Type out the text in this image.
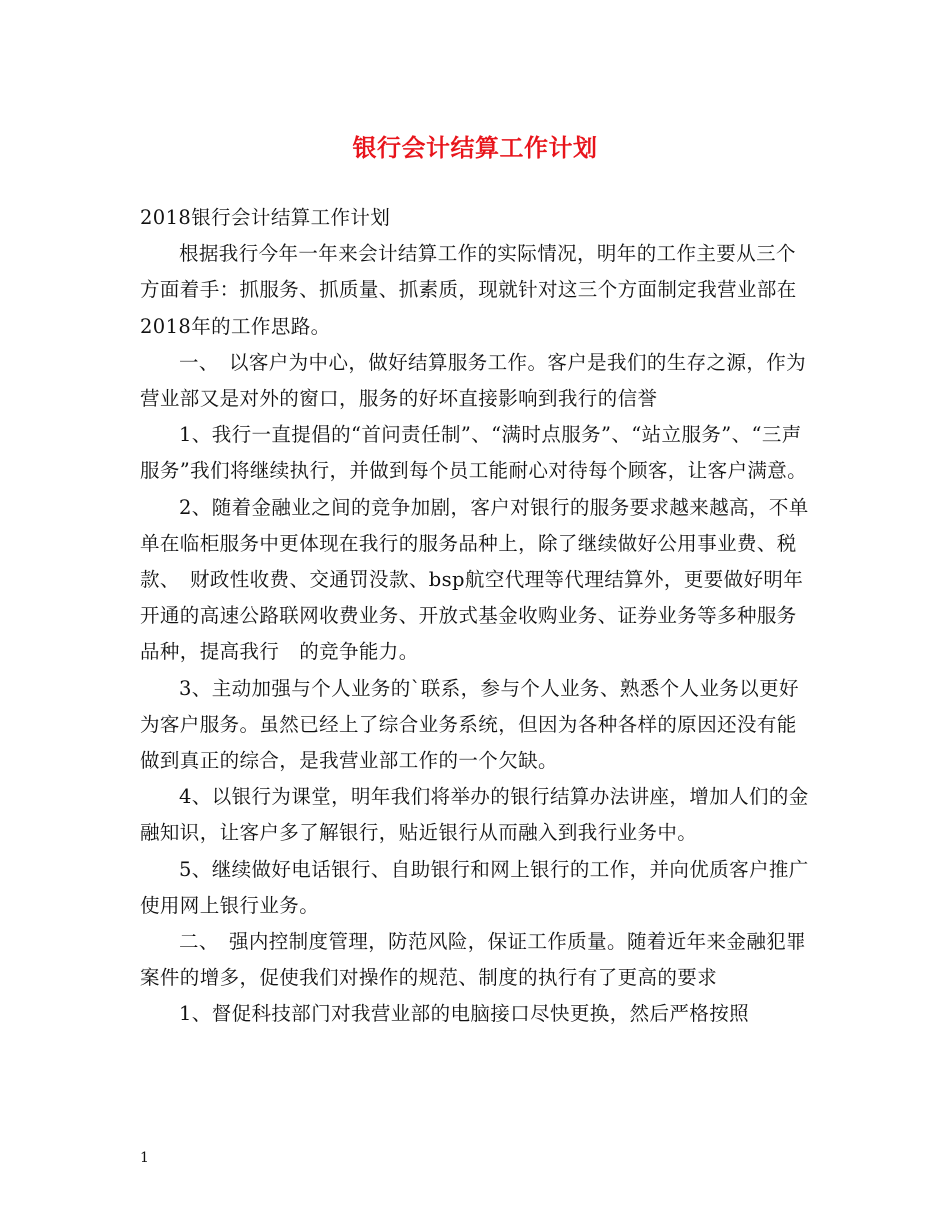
银行会计结算工作计划

2018银行会计结算工作计划

根据我行今年一年来会计结算工作的实际情况，明年的工作主要从三个方面着手：抓服务、抓质量、抓素质，现就针对这三个方面制定我营业部在2018年的工作思路。

一、　以客户为中心，做好结算服务工作。客户是我们的生存之源，作为营业部又是对外的窗口，服务的好坏直接影响到我行的信誉

1、我行一直提倡的“首问责任制”、“满时点服务”、“站立服务”、“三声服务”我们将继续执行，并做到每个员工能耐心对待每个顾客，让客户满意。

2、随着金融业之间的竞争加剧，客户对银行的服务要求越来越高，不单单在临柜服务中更体现在我行的服务品种上，除了继续做好公用事业费、税款、　财政性收费、交通罚没款、bsp航空代理等代理结算外，更要做好明年开通的高速公路联网收费业务、开放式基金收购业务、证券业务等多种服务品种，提高我行　的竞争能力。

3、主动加强与个人业务的`联系，参与个人业务、熟悉个人业务以更好为客户服务。虽然已经上了综合业务系统，但因为各种各样的原因还没有能做到真正的综合，是我营业部工作的一个欠缺。

4、以银行为课堂，明年我们将举办的银行结算办法讲座，增加人们的金融知识，让客户多了解银行，贴近银行从而融入到我行业务中。

5、继续做好电话银行、自助银行和网上银行的工作，并向优质客户推广使用网上银行业务。

二、　强内控制度管理，防范风险，保证工作质量。随着近年来金融犯罪案件的增多，促使我们对操作的规范、制度的执行有了更高的要求

1、督促科技部门对我营业部的电脑接口尽快更换，然后严格按照

1
